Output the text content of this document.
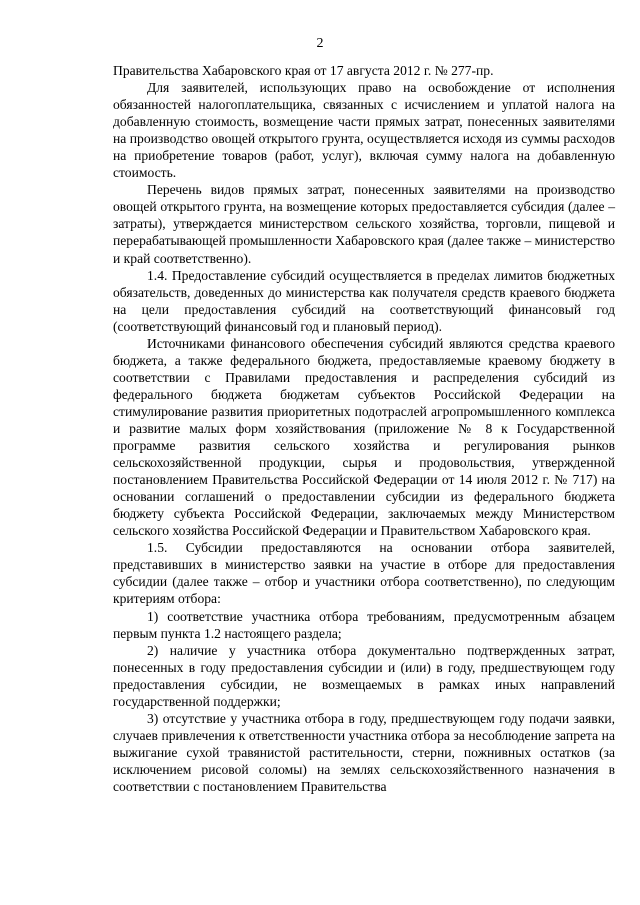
2

Правительства Хабаровского края от 17 августа 2012 г. № 277-пр.

Для заявителей, использующих право на освобождение от исполнения обязанностей налогоплательщика, связанных с исчислением и уплатой налога на добавленную стоимость, возмещение части прямых затрат, понесенных заявителями на производство овощей открытого грунта, осуществляется исходя из суммы расходов на приобретение товаров (работ, услуг), включая сумму налога на добавленную стоимость.

Перечень видов прямых затрат, понесенных заявителями на производство овощей открытого грунта, на возмещение которых предоставляется субсидия (далее – затраты), утверждается министерством сельского хозяйства, торговли, пищевой и перерабатывающей промышленности Хабаровского края (далее также – министерство и край соответственно).

1.4. Предоставление субсидий осуществляется в пределах лимитов бюджетных обязательств, доведенных до министерства как получателя средств краевого бюджета на цели предоставления субсидий на соответствующий финансовый год (соответствующий финансовый год и плановый период).

Источниками финансового обеспечения субсидий являются средства краевого бюджета, а также федерального бюджета, предоставляемые краевому бюджету в соответствии с Правилами предоставления и распределения субсидий из федерального бюджета бюджетам субъектов Российской Федерации на стимулирование развития приоритетных подотраслей агропромышленного комплекса и развитие малых форм хозяйствования (приложение № 8 к Государственной программе развития сельского хозяйства и регулирования рынков сельскохозяйственной продукции, сырья и продовольствия, утвержденной постановлением Правительства Российской Федерации от 14 июля 2012 г. № 717) на основании соглашений о предоставлении субсидии из федерального бюджета бюджету субъекта Российской Федерации, заключаемых между Министерством сельского хозяйства Российской Федерации и Правительством Хабаровского края.

1.5. Субсидии предоставляются на основании отбора заявителей, представивших в министерство заявки на участие в отборе для предоставления субсидии (далее также – отбор и участники отбора соответственно), по следующим критериям отбора:

1) соответствие участника отбора требованиям, предусмотренным абзацем первым пункта 1.2 настоящего раздела;

2) наличие у участника отбора документально подтвержденных затрат, понесенных в году предоставления субсидии и (или) в году, предшествующем году предоставления субсидии, не возмещаемых в рамках иных направлений государственной поддержки;

3) отсутствие у участника отбора в году, предшествующем году подачи заявки, случаев привлечения к ответственности участника отбора за несоблюдение запрета на выжигание сухой травянистой растительности, стерни, пожнивных остатков (за исключением рисовой соломы) на землях сельскохозяйственного назначения в соответствии с постановлением Правительства
